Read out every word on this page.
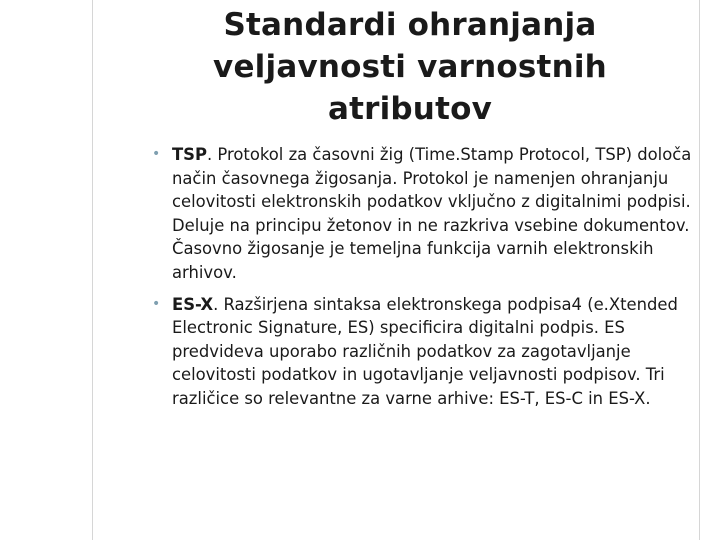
Standardi ohranjanja
veljavnosti varnostnih
atributov
• TSP. Protokol za časovni žig (Time.Stamp Protocol, TSP) določa način časovnega žigosanja. Protokol je namenjen ohranjanju celovitosti elektronskih podatkov vključno z digitalnimi podpisi. Deluje na principu žetonov in ne razkriva vsebine dokumentov. Časovno žigosanje je temeljna funkcija varnih elektronskih arhivov.
• ES-X. Razširjena sintaksa elektronskega podpisa4 (e.Xtended Electronic Signature, ES) specificira digitalni podpis. ES predvideva uporabo različnih podatkov za zagotavljanje celovitosti podatkov in ugotavljanje veljavnosti podpisov. Tri različice so relevantne za varne arhive: ES-T, ES-C in ES-X.
